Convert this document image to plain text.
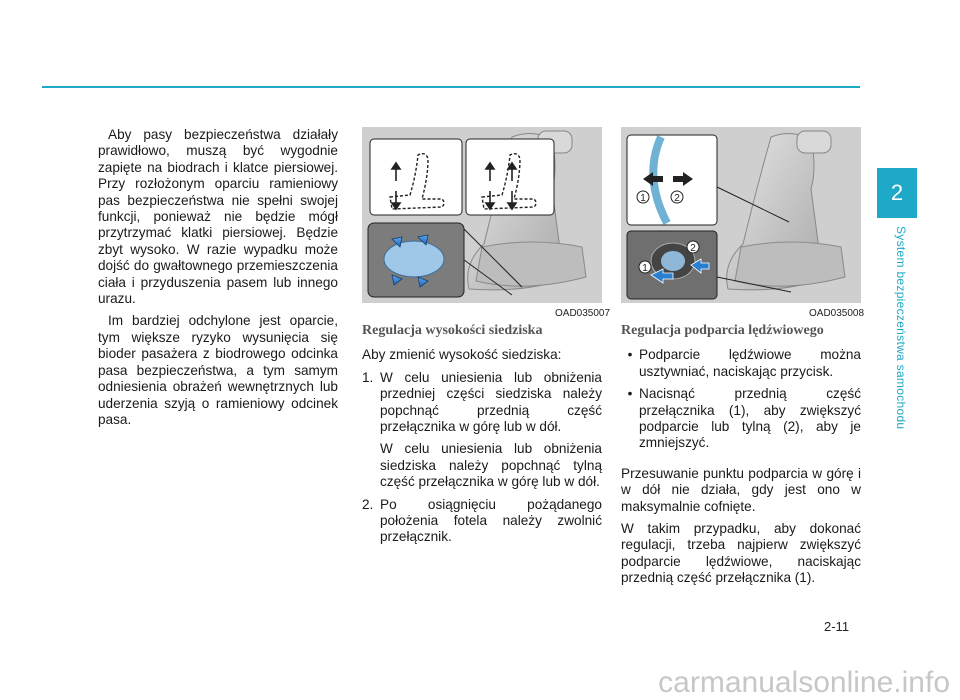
2
System bezpieczeństwa samochodu

Aby pasy bezpieczeństwa działały prawidłowo, muszą być wygodnie zapięte na biodrach i klatce piersiowej. Przy rozłożonym oparciu ramieniowy pas bezpieczeństwa nie spełni swojej funkcji, ponieważ nie będzie mógł przytrzymać klatki piersiowej. Będzie zbyt wysoko. W razie wypadku może dojść do gwałtownego przemieszczenia ciała i przyduszenia pasem lub innego urazu.

Im bardziej odchylone jest oparcie, tym większe ryzyko wysunięcia się bioder pasażera z biodrowego odcinka pasa bezpieczeństwa, a tym samym odniesienia obrażeń wewnętrznych lub uderzenia szyją o ramieniowy odcinek pasa.

OAD035007
1	2
1
2
OAD035008
Regulacja wysokości siedziska

Aby zmienić wysokość siedziska:

1. W celu uniesienia lub obniżenia przedniej części siedziska należy popchnąć przednią część przełącznika w górę lub w dół.

W celu uniesienia lub obniżenia siedziska należy popchnąć tylną część przełącznika w górę lub w dół.

2. Po osiągnięciu pożądanego położenia fotela należy zwolnić przełącznik.
Regulacja podparcia lędźwiowego
• Podparcie lędźwiowe można usztywniać, naciskając przycisk.
• Nacisnąć przednią część przełącznika (1), aby zwiększyć podparcie lub tylną (2), aby je zmniejszyć.

Przesuwanie punktu podparcia w górę i w dół nie działa, gdy jest ono w maksymalnie cofnięte.

W takim przypadku, aby dokonać regulacji, trzeba najpierw zwiększyć podparcie lędźwiowe, naciskając przednią część przełącznika (1).

2-11
carmanualsonline.info
